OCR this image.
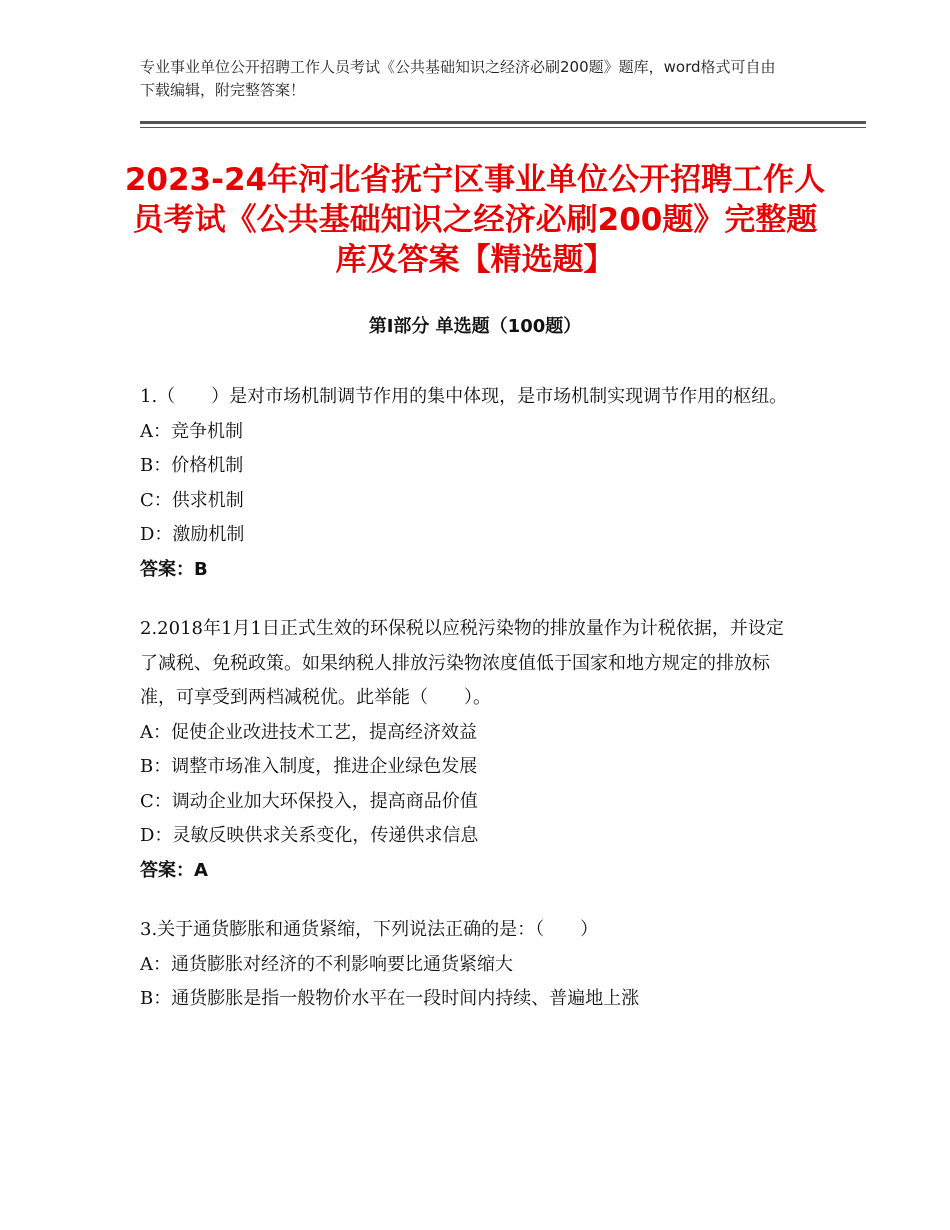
专业事业单位公开招聘工作人员考试《公共基础知识之经济必刷200题》题库，word格式可自由下载编辑，附完整答案！
2023-24年河北省抚宁区事业单位公开招聘工作人员考试《公共基础知识之经济必刷200题》完整题库及答案【精选题】
第I部分 单选题（100题）

1.（　　）是对市场机制调节作用的集中体现，是市场机制实现调节作用的枢纽。

A：竞争机制

B：价格机制

C：供求机制

D：激励机制

答案：B

2.2018年1月1日正式生效的环保税以应税污染物的排放量作为计税依据，并设定了减税、免税政策。如果纳税人排放污染物浓度值低于国家和地方规定的排放标准，可享受到两档减税优。此举能（　　）。

A：促使企业改进技术工艺，提高经济效益

B：调整市场准入制度，推进企业绿色发展

C：调动企业加大环保投入，提高商品价值

D：灵敏反映供求关系变化，传递供求信息

答案：A

3.关于通货膨胀和通货紧缩，下列说法正确的是：（　　）

A：通货膨胀对经济的不利影响要比通货紧缩大

B：通货膨胀是指一般物价水平在一段时间内持续、普遍地上涨
